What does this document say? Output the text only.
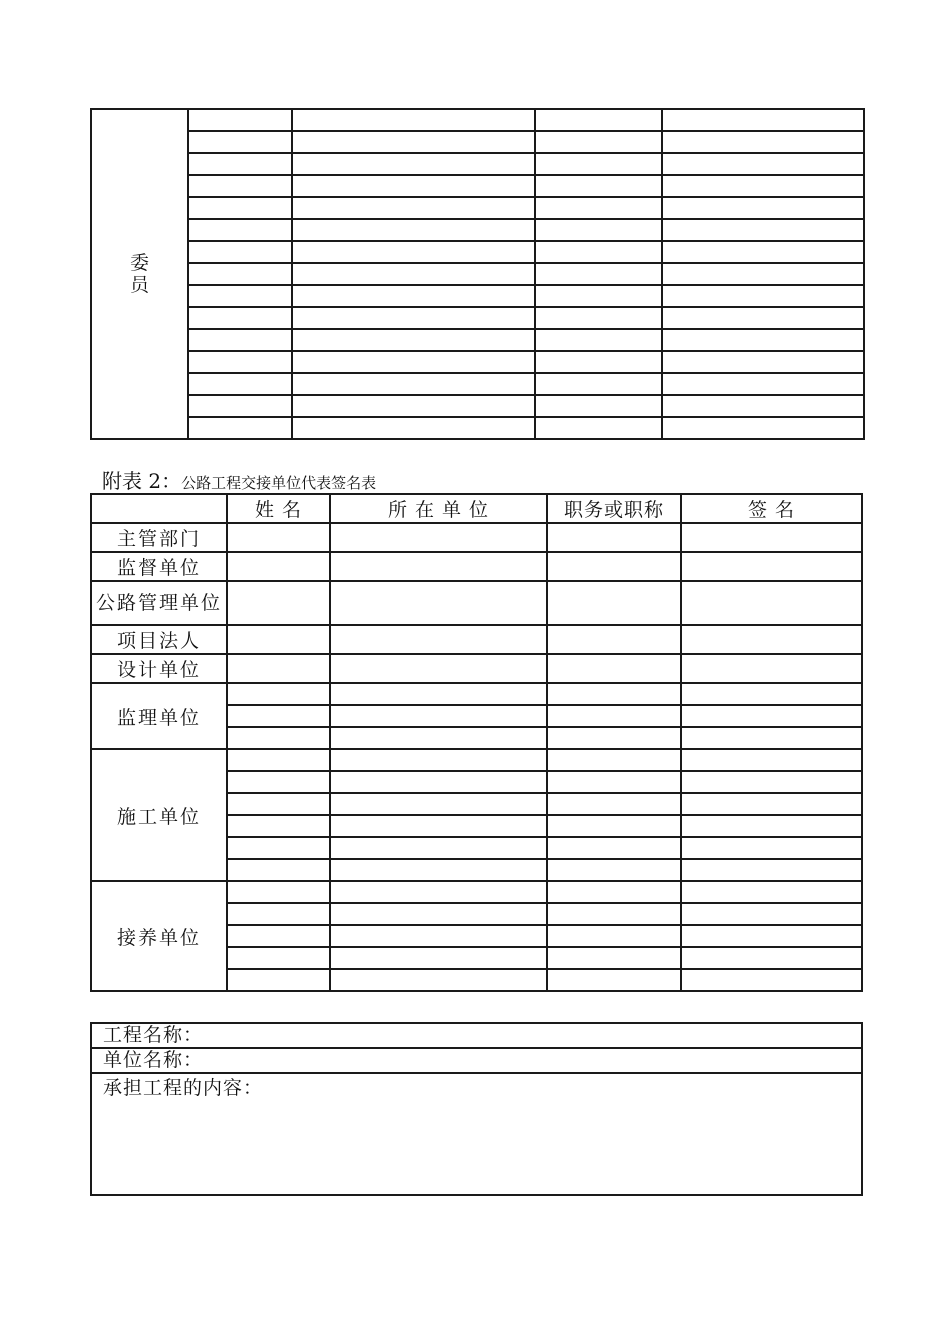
委
员				

附表 2：公路工程交接单位代表签名表
	姓 名	所 在 单 位	职务或职称	签 名
主管部门				
监督单位				
公路管理单位				
项目法人				
设计单位				
监理单位				

施工单位				

接养单位				

工程名称：
单位名称：
承担工程的内容：
